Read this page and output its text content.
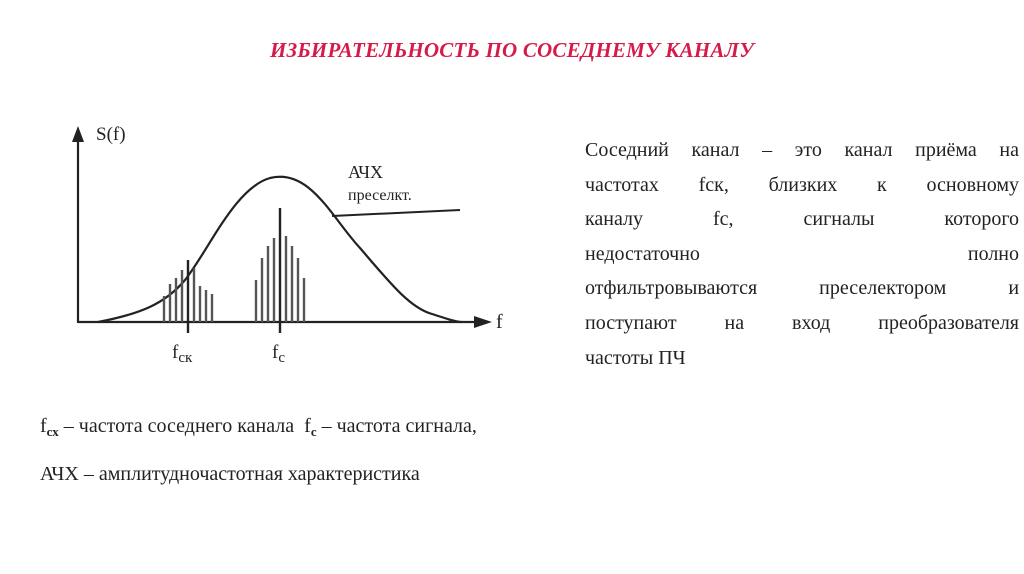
ИЗБИРАТЕЛЬНОСТЬ ПО СОСЕДНЕМУ КАНАЛУ
S(f)
f
АЧХ
преселкт.
$f_{ск}$	$f_с$
Соседний канал – это канал приёма на
частотах fск, близких к основному
каналу	fс,	сигналы	которого
недостаточно	полно
отфильтровываются	преселектором	и
поступают на вход преобразователя
частоты ПЧ

$f_{сх}$ – частота соседнего канала  $f_с$ – частота сигнала,

АЧХ – амплитудночастотная характеристика
